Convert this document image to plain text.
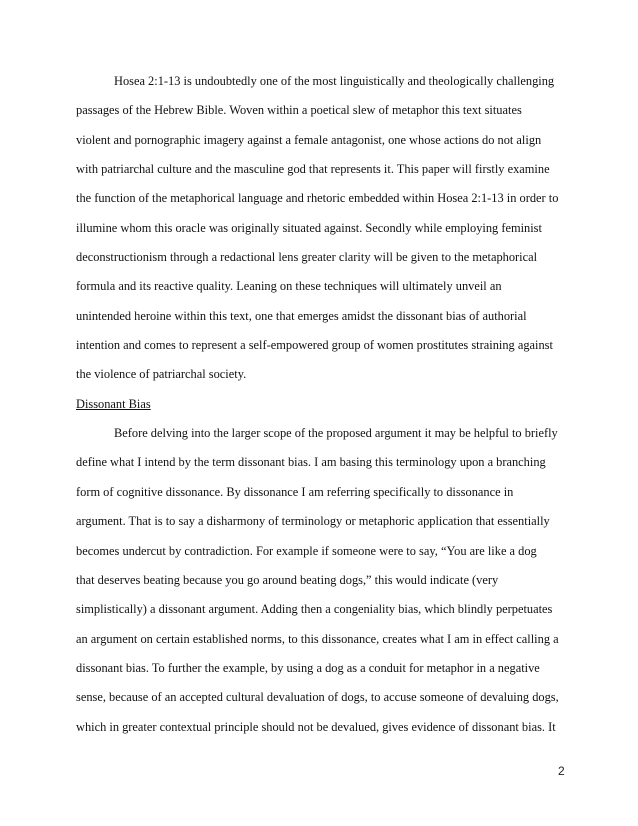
Hosea 2:1-13 is undoubtedly one of the most linguistically and theologically challenging
passages of the Hebrew Bible. Woven within a poetical slew of metaphor this text situates
violent and pornographic imagery against a female antagonist, one whose actions do not align
with patriarchal culture and the masculine god that represents it. This paper will firstly examine
the function of the metaphorical language and rhetoric embedded within Hosea 2:1-13 in order to
illumine whom this oracle was originally situated against. Secondly while employing feminist
deconstructionism through a redactional lens greater clarity will be given to the metaphorical
formula and its reactive quality. Leaning on these techniques will ultimately unveil an
unintended heroine within this text, one that emerges amidst the dissonant bias of authorial
intention and comes to represent a self-empowered group of women prostitutes straining against
the violence of patriarchal society.
Dissonant Bias
Before delving into the larger scope of the proposed argument it may be helpful to briefly
define what I intend by the term dissonant bias. I am basing this terminology upon a branching
form of cognitive dissonance. By dissonance I am referring specifically to dissonance in
argument. That is to say a disharmony of terminology or metaphoric application that essentially
becomes undercut by contradiction. For example if someone were to say, “You are like a dog
that deserves beating because you go around beating dogs,” this would indicate (very
simplistically) a dissonant argument. Adding then a congeniality bias, which blindly perpetuates
an argument on certain established norms, to this dissonance, creates what I am in effect calling a
dissonant bias. To further the example, by using a dog as a conduit for metaphor in a negative
sense, because of an accepted cultural devaluation of dogs, to accuse someone of devaluing dogs,
which in greater contextual principle should not be devalued, gives evidence of dissonant bias. It
2
